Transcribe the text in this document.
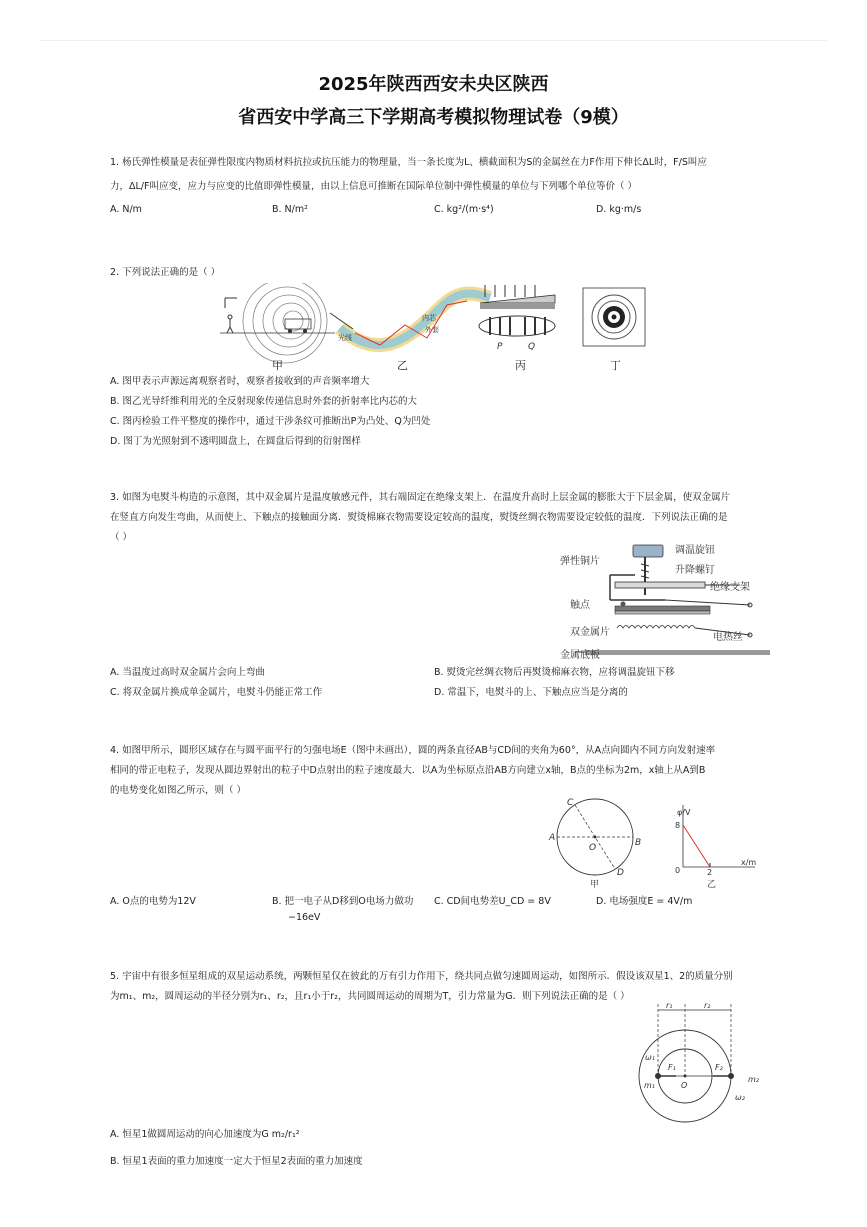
2025年陕西西安未央区陕西
省西安中学高三下学期高考模拟物理试卷（9模）
1. 杨氏弹性模量是表征弹性限度内物质材料抗拉或抗压能力的物理量，当一条长度为L、横截面积为S的金属丝在力F作用下伸长ΔL时，F/S叫应
力，ΔL/F叫应变，应力与应变的比值即弹性模量，由以上信息可推断在国际单位制中弹性模量的单位与下列哪个单位等价（ ）
A. N/m	B. N/m²	C. kg²/(m·s⁴)	D. kg·m/s
2. 下列说法正确的是（ ）
光线
内芯
外套
P	Q
甲	乙	丙	丁
A. 图甲表示声源远离观察者时，观察者接收到的声音频率增大
B. 图乙光导纤维利用光的全反射现象传递信息时外套的折射率比内芯的大
C. 图丙检验工件平整度的操作中，通过干涉条纹可推断出P为凸处、Q为凹处
D. 图丁为光照射到不透明圆盘上，在圆盘后得到的衍射图样
3. 如图为电熨斗构造的示意图，其中双金属片是温度敏感元件，其右端固定在绝缘支架上．在温度升高时上层金属的膨胀大于下层金属，使双金属片
在竖直方向发生弯曲，从而使上、下触点的接触面分离．熨烫棉麻衣物需要设定较高的温度，熨烫丝绸衣物需要设定较低的温度．下列说法正确的是
（ ）
调温旋钮
弹性铜片
升降螺钉
绝缘支架
触点
双金属片	电热丝
金属底板
A. 当温度过高时双金属片会向上弯曲	B. 熨烫完丝绸衣物后再熨烫棉麻衣物，应将调温旋钮下移
C. 将双金属片换成单金属片，电熨斗仍能正常工作	D. 常温下，电熨斗的上、下触点应当是分离的
4. 如图甲所示，圆形区域存在与圆平面平行的匀强电场E（图中未画出），圆的两条直径AB与CD间的夹角为60°，从A点向圆内不同方向发射速率
相同的带正电粒子，发现从圆边界射出的粒子中D点射出的粒子速度最大．以A为坐标原点沿AB方向建立x轴，B点的坐标为2m，x轴上从A到B
的电势变化如图乙所示，则（ ）
A	B
C
D
O
甲
φ/V
x/m
8
2
0
乙
A. O点的电势为12V	B. 把一电子从D移到O电场力做功
−16eV
C. CD间电势差U_CD = 8V	D. 电场强度E = 4V/m
5. 宇宙中有很多恒星组成的双星运动系统，两颗恒星仅在彼此的万有引力作用下，绕共同点做匀速圆周运动，如图所示．假设该双星1、2的质量分别
为m₁、m₂，圆周运动的半径分别为r₁、r₂，且r₁小于r₂，共同圆周运动的周期为T，引力常量为G．则下列说法正确的是（ ）
r₁	r₂
ω₁
ω₂
m₁
m₂
F₁	F₂
O
A. 恒星1做圆周运动的向心加速度为G m₂/r₁²
B. 恒星1表面的重力加速度一定大于恒星2表面的重力加速度
